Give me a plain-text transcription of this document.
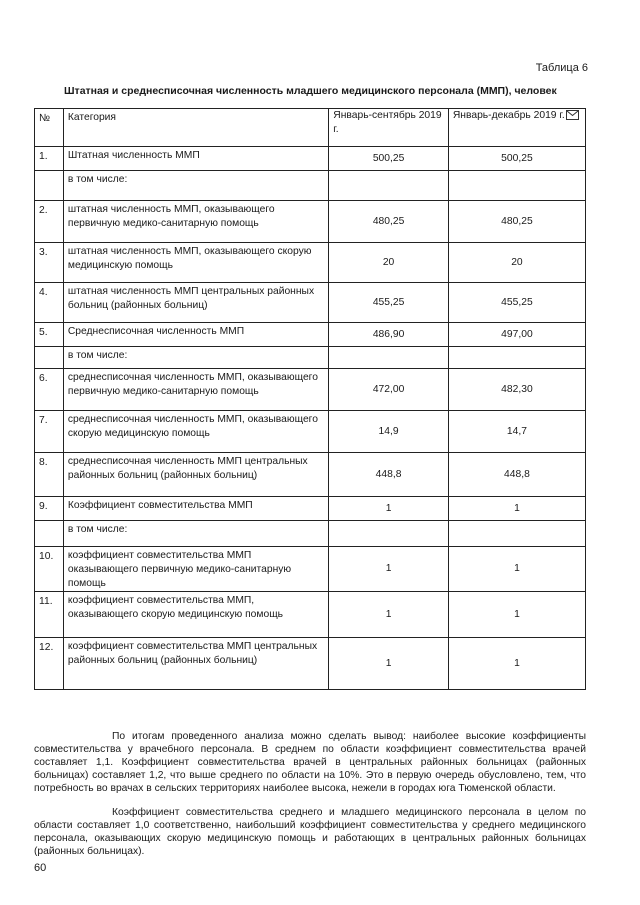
Таблица 6
Штатная и среднесписочная численность младшего медицинского персонала (ММП), человек
№	Категория	Январь-сентябрь 2019 г.	Январь-декабрь 2019 г.

1.	Штатная численность ММП	500,25	500,25
	в том числе:		
2.	штатная численность ММП, оказывающего первичную медико-санитарную помощь	480,25	480,25
3.	штатная численность ММП, оказывающего скорую медицинскую помощь	20	20
4.	штатная численность ММП центральных районных больниц (районных больниц)	455,25	455,25
5.	Среднесписочная численность ММП	486,90	497,00
	в том числе:		
6.	среднесписочная численность ММП, оказывающего первичную медико-санитарную помощь	472,00	482,30
7.	среднесписочная численность ММП, оказывающего скорую медицинскую помощь	14,9	14,7
8.	среднесписочная численность ММП центральных районных больниц (районных больниц)	448,8	448,8
9.	Коэффициент совместительства ММП	1	1
	в том числе:		
10.	коэффициент совместительства ММП оказывающего первичную медико-санитарную помощь	1	1
11.	коэффициент совместительства ММП, оказывающего скорую медицинскую помощь	1	1
12.	коэффициент совместительства ММП центральных районных больниц (районных больниц)	1	1

По итогам проведенного анализа можно сделать вывод: наиболее высокие коэффициенты совместительства у врачебного персонала. В среднем по области коэффициент совместительства врачей составляет 1,1. Коэффициент совместительства врачей в центральных районных больницах (районных больницах) составляет 1,2, что выше среднего по области на 10%. Это в первую очередь обусловлено, тем, что потребность во врачах в сельских территориях наиболее высока, нежели в городах юга Тюменской области.

Коэффициент совместительства среднего и младшего медицинского персонала в целом по области составляет 1,0 соответственно, наибольший коэффициент совместительства у среднего медицинского персонала, оказывающих скорую медицинскую помощь и работающих в центральных районных больницах (районных больницах).

60
